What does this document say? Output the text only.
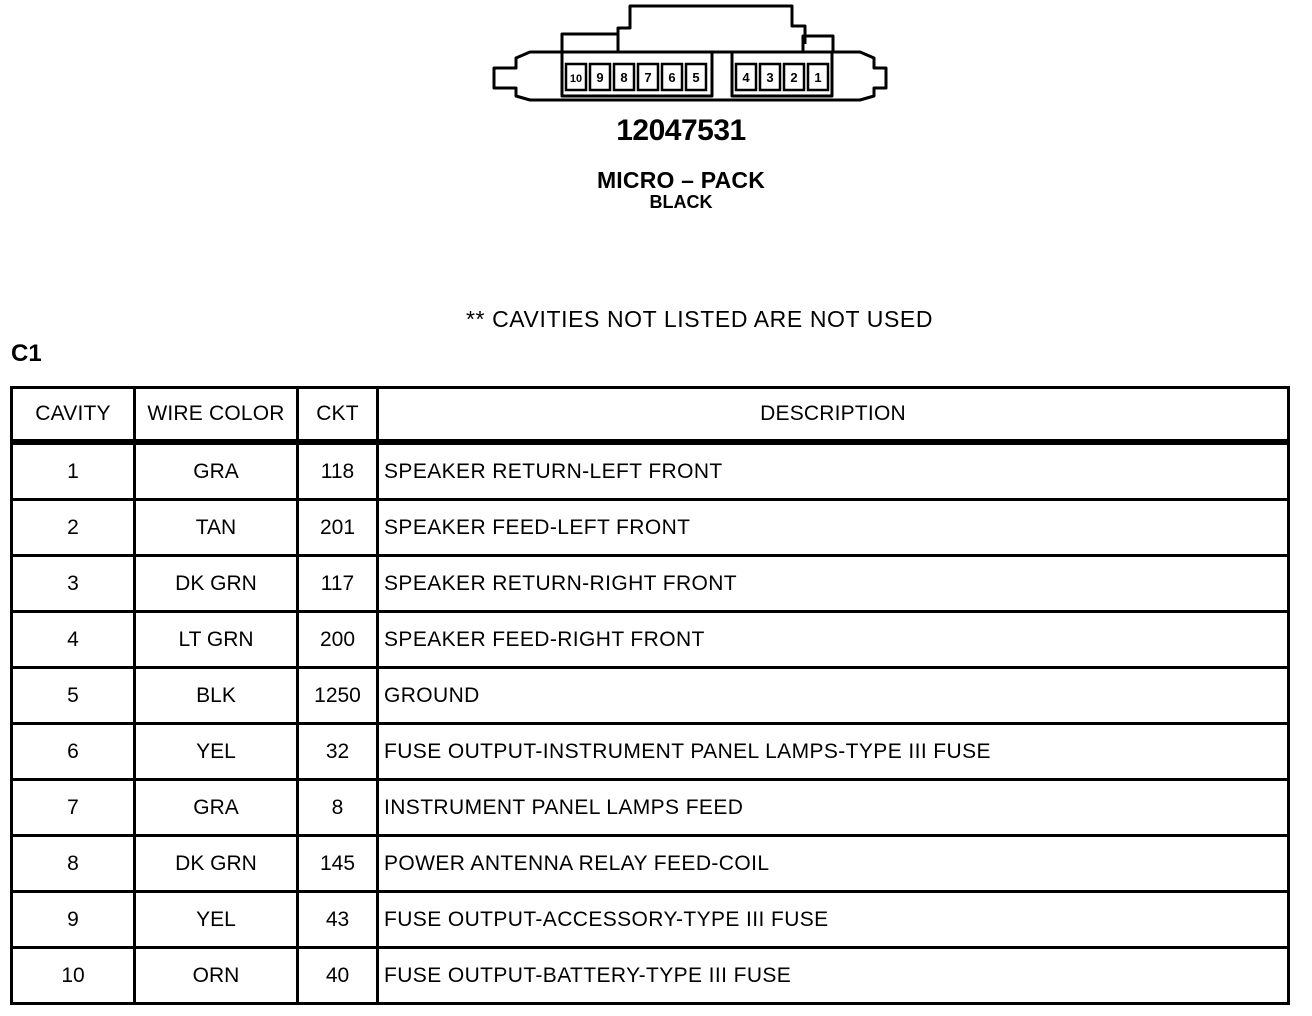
10 9 8 7 6 5	4 3 2 1
12047531
MICRO – PACK
BLACK
** CAVITIES NOT LISTED ARE NOT USED
C1
CAVITY	WIRE COLOR	CKT	DESCRIPTION
1	GRA	118	SPEAKER RETURN-LEFT FRONT
2	TAN	201	SPEAKER FEED-LEFT FRONT
3	DK GRN	117	SPEAKER RETURN-RIGHT FRONT
4	LT GRN	200	SPEAKER FEED-RIGHT FRONT
5	BLK	1250	GROUND
6	YEL	32	FUSE OUTPUT-INSTRUMENT PANEL LAMPS-TYPE III FUSE
7	GRA	8	INSTRUMENT PANEL LAMPS FEED
8	DK GRN	145	POWER ANTENNA RELAY FEED-COIL
9	YEL	43	FUSE OUTPUT-ACCESSORY-TYPE III FUSE
10	ORN	40	FUSE OUTPUT-BATTERY-TYPE III FUSE
